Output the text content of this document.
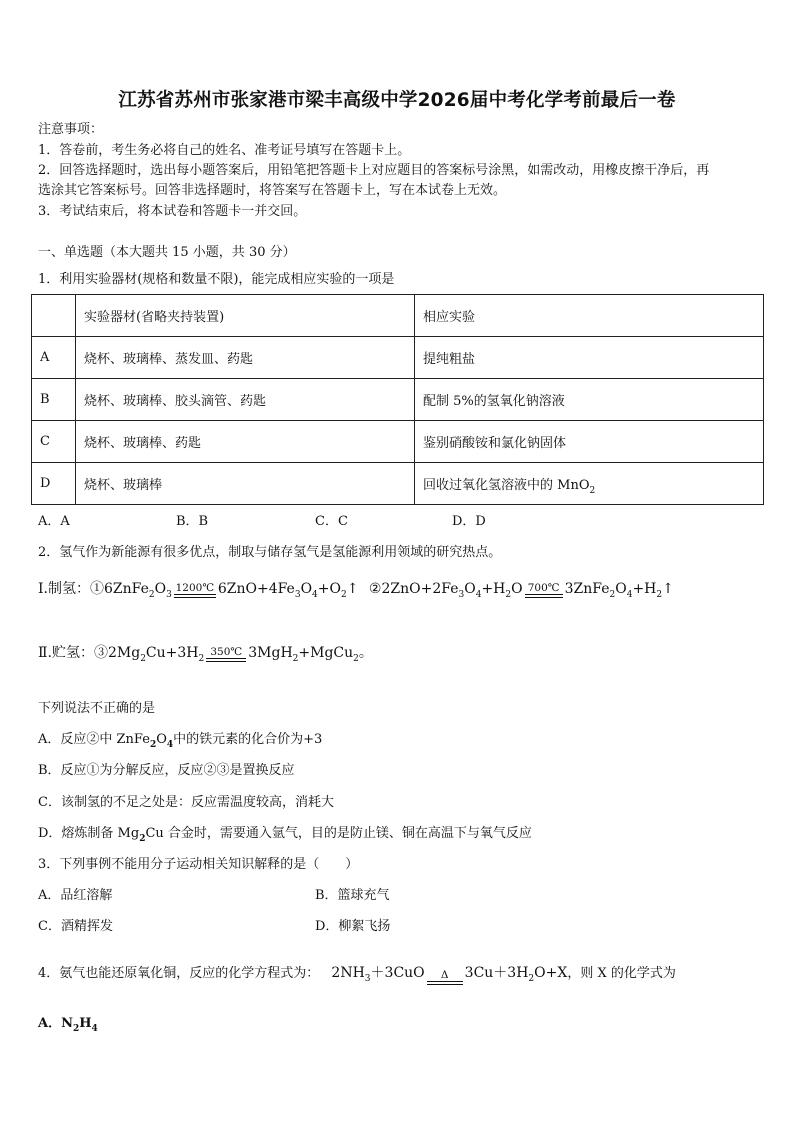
江苏省苏州市张家港市梁丰高级中学2026届中考化学考前最后一卷
注意事项：
1．答卷前，考生务必将自己的姓名、准考证号填写在答题卡上。
2．回答选择题时，选出每小题答案后，用铅笔把答题卡上对应题目的答案标号涂黑，如需改动，用橡皮擦干净后，再
选涂其它答案标号。回答非选择题时，将答案写在答题卡上，写在本试卷上无效。
3．考试结束后，将本试卷和答题卡一并交回。
一、单选题（本大题共 15 小题，共 30 分）
1．利用实验器材(规格和数量不限)，能完成相应实验的一项是
	实验器材(省略夹持装置)	相应实验
A	烧杯、玻璃棒、蒸发皿、药匙	提纯粗盐
B	烧杯、玻璃棒、胶头滴管、药匙	配制 5%的氢氧化钠溶液
C	烧杯、玻璃棒、药匙	鉴别硝酸铵和氯化钠固体
D	烧杯、玻璃棒	回收过氧化氢溶液中的 MnO$_2$
A．A	B．B	C．C	D．D
2．氢气作为新能源有很多优点，制取与储存氢气是氢能源利用领域的研究热点。
Ⅰ.制氢：$①6ZnFe_2O_3$
1200℃ $6ZnO+4Fe_3O_4+O_2↑$ $②2ZnO+2Fe_3O_4+H_2O$ 700℃ $3ZnFe_2O_4+H_2↑$
Ⅱ.贮氢：$③2Mg_2Cu+3H_2$
350℃ 3MgH$_2$+MgCu$_2$。
下列说法不正确的是
A．反应②中 $ZnFe_2O_4$中的铁元素的化合价为+3
B．反应①为分解反应，反应②③是置换反应
C．该制氢的不足之处是：反应需温度较高，消耗大
D．熔炼制备 $Mg_2Cu$ 合金时，需要通入氩气，目的是防止镁、铜在高温下与氧气反应
3．下列事例不能用分子运动相关知识解释的是（　　）
A．品红溶解	B．篮球充气
C．酒精挥发	D．柳絮飞扬
4．氨气也能还原氧化铜，反应的化学方程式为： $2NH_3+3CuO$	Δ	$3Cu+3H_2O+X$，则 X 的化学式为
A．$N_2H_4$
